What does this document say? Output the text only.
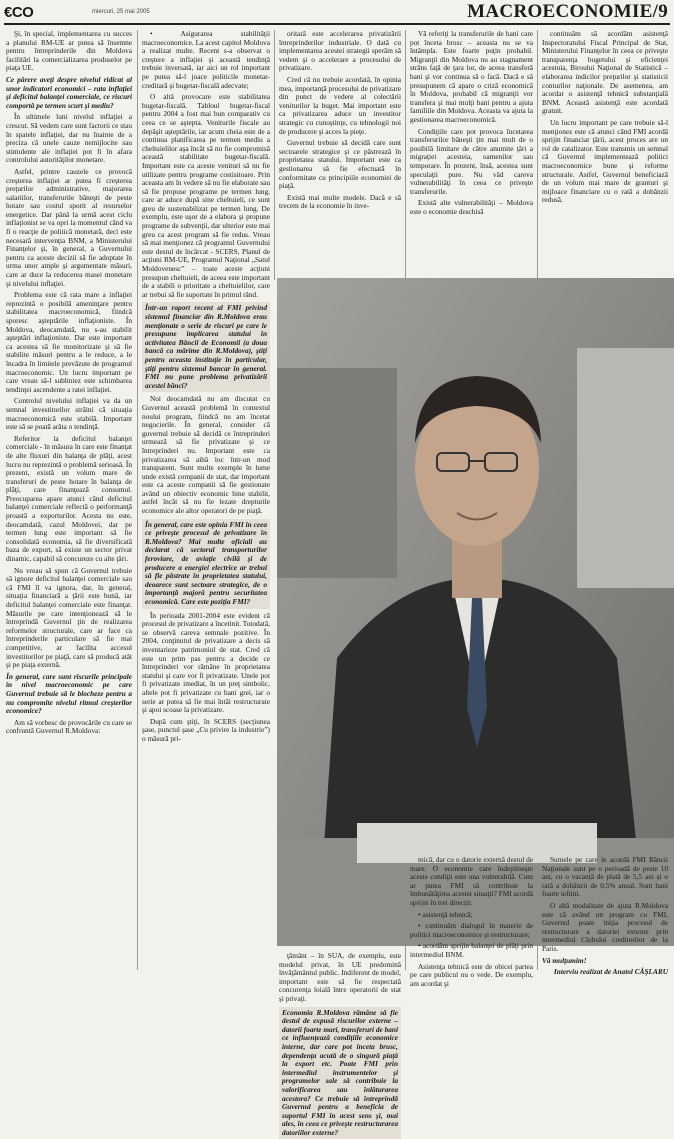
€CO	miercuri, 25 mai 2005	MACROECONOMIE/9

Şi, în special, implementarea cu succes a planului RM-UE ar putea să însemne pentru întreprinderile din Moldova facilitări la comercializarea produselor pe piaţa UE.

Ce părere aveţi despre nivelul ridicat al unor indicatori economici – rata inflaţiei şi deficitul balanţei comerciale, ce riscuri comportă pe termen scurt şi mediu?

În ultimele luni nivelul inflaţiei a crescut. Să vedem care sunt factorii ce stau în spatele inflaţiei, dar nu înainte de a preciza că unele cauze nemijlocite sau stimulente ale inflaţiei pot fi în afara controlului autorităţilor monetare.

Astfel, printre cauzele ce provocă creşterea inflaţiei ar putea fi creşterea preţurilor administrative, majorarea salariilor, transferurile băneşti de peste hotare sau costul sporit al resurselor energetice. Dar până la urmă acest ciclu inflaţionist se va opri la momentul când va fi o reacţie de politică monetară, deci este necesară intervenţia BNM, a Ministerului Finanţelor şi, în general, a Guvernului pentru ca aceste decizii să fie adoptate în urma unor ample şi argumentate măsuri, care ar duce la reducerea masei monetare şi nivelului inflaţiei.

Problema este că rata mare a inflaţiei reprezintă o posibilă ameninţare pentru stabilitatea macroeconomică, fiindcă sporesc aşteptările inflaţioniste. În Moldova, deocamdată, nu s-au stabilit aşteptări inflaţioniste. Dar este important ca acestea să fie monitorizate şi să fie stabilite măsuri pentru a le reduce, a le încadra în limitele prevăzute de programul macroeconomic. Un lucru important pe care vreau să-l subliniez este schimbarea tendinţei ascendente a ratei inflaţiei.

Controlul nivelului inflaţiei va da un semnal investitorilor străini că situaţia macroeconomică este stabilă. Important este să se poată arăta o tendinţă.

Referitor la deficitul balanţei comerciale - în măsura în care este finanţat de alte fluxuri din balanţa de plăţi, acest lucru nu reprezintă o problemă serioasă. În prezent, există un volum mare de transferuri de peste hotare în balanţa de plăţi, care finanţează consumul. Preocuparea apare atunci când deficitul balanţei comerciale reflectă o performanţă proastă a exporturilor. Acesta nu este, deocamdată, cazul Moldovei, dar pe termen lung este important să fie consolidată economia, să fie diversificată baza de export, să existe un sector privat dinamic, capabil să concureze cu alte ţări.

Nu vreau să spun că Guvernul trebuie să ignore deficitul balanţei comerciale sau că FMI îl va ignora, dar, în general, situaţia financiară a ţării este bună, iar deficitul balanţei comerciale este finanţat. Măsurile pe care intenţionează să le întreprindă Guvernul ţin de realizarea reformelor structurale, care ar face ca întreprinderile particulare să fie mai competitive, ar facilita accesul investitorilor pe piaţă, care să producă atât şi pe piaţa externă.

În general, care sunt riscurile principale în nivel macroeconomic pe care Guvernul trebuie să le blocheze pentru a nu compromite nivelul ritmul creşterilor economice?

Am să vorbesc de provocările cu care se confruntă Guvernul R.Moldova:

• Asigurarea stabilităţii macroeconomice. La acest capitol Moldova a realizat multe. Recent s-a observat o creştere a inflaţiei şi această tendinţă trebuie inversată, iar aici un rol important pe putea să-l joace politicile monetar-creditară şi bugetar-fiscală adecvate;

O altă provocare este stabilitatea bugetar-fiscală. Tabloul bugetar-fiscal pentru 2004 a fost mai bun comparativ cu ceea ce se aştepta. Veniturile fiscale au depăşit aşteptările, iar acum cheia este de a continua planificarea pe termen mediu a cheltuielilor aşa încât să nu fie compromisă această stabilitate bugetar-fiscală. Important este ca aceste venituri să nu fie utilizate pentru programe costisitoare. Prin aceasta am în vedere să nu fie elaborate sau să fie propuse programe pe termen lung, care ar aduce după sine cheltuieli, ce sunt greu de sustenabilizat pe termen lung. De exemplu, este uşor de a elabora şi propune programe de subvenţii, dar ulterior este mai greu ca acest program să fie redus. Vreau să mai menţionez că programul Guvernului este destul de încărcat - SCERS, Planul de acţiuni RM-UE, Programul Naţional „Satul Moldovenesc” – toate aceste acţiuni presupun cheltuieli, de aceea este important de a stabili o prioritate a cheltuielilor, care ar trebui să fie suportate în primul rând.

Într-un raport recent al FMI privind sistemul financiar din R.Moldova erau menţionate o serie de riscuri pe care le presupune implicarea statului în activitatea Băncii de Economii (a doua bancă ca mărime din R.Moldova), ştiţi pentru aceasta instituţie în particular, ştiţi pentru sistemul bancar în general. FMI nu pune problema privatizării acestei bănci?

Noi deocamdată nu am discutat cu Guvernul această problemă în contextul noului program, fiindcă nu am încetat negocierile. În general, consider că guvernul trebuie să decidă ce întreprinderi urmează să fie privatizate şi ce întreprinderi nu. Important este ca privatizarea să aibă loc într-un mod transparent. Sunt multe exemple în lume unde există companii de stat, dar important este ca aceste companii să fie gestionate având un obiectiv economic bine stabilit, astfel încât să nu fie lezate drepturile economice ale altor operatori de pe piaţă.

În general, care este opinia FMI în ceea ce priveşte procesul de privatizare în R.Moldova? Mai multe oficiali au declarat că sectorul transporturilor feroviare, de aviaţie civilă şi de producere a energiei electrice ar trebui să fie păstrate în proprietatea statului, deoarece sunt sectoare strategice, de o importanţă majoră pentru securitatea economică. Care este poziţia FMI?

În perioada 2001-2004 este evident că procesul de privatizare a încetinit. Totodată, se observă careva semnale pozitive. În 2004, conţinutul de privatizare a decis să inventarieze patrimoniul de stat. Cred că este un prim pas pentru a decide ce întreprinderi vor rămâne în proprietatea statului şi care vor fi privatizate. Unele pot fi privatizate imediat, în un preţ simbolic, altele pot fi privatizate cu bani grei, iar o serie ar putea să fie mai întâi restructurate şi apoi scoase la privatizare.

După cum ştiţi, în SCERS (secţiunea şase, punctul şase „Cu privire la industrie”) o măsură pri-

oritară este accelerarea privatizării întreprinderilor industriale. O dată cu implementarea acestei strategii sperăm să vedem şi o accelerare a procesului de privatizare.

Cred că nu trebuie acordată, în opinia mea, importanţă procesului de privatizare din punct de vedere al colectării veniturilor la buget. Mai important este ca privatizarea aduce un investitor strategic cu cunoştinţe, cu tehnologii noi de producere şi acces la pieţe.

Guvernul trebuie să decidă care sunt sectoarele strategice şi ce păstrează în proprietatea statului. Important este ca gestionarea să fie efectuată în conformitate cu principiile economiei de piaţă.

Există mai multe modele. Dacă e să trecem de la economie în inve-

Vă referiţi la transferurile de bani care pot înceta brusc – aceasta nu se va întâmpla. Este foarte puţin probabil. Migranţii din Moldova nu au stagnament strâns faţă de ţara lor, de aceea transferă bani şi vor continua să o facă. Dacă e să presupunem că apare o criză economică în Moldova, probabil că migranţii vor transfera şi mai mulţi bani pentru a ajuta familiile din Moldova. Aceasta va ajuta la gestionarea macroeconomică.

Condiţiile care pot provoca încetarea transferurilor băneşti ţin mai mult de o posibilă limitare de către anumite ţări a migraţiei acesteia, oamenilor sau temporare. În prezent, însă, acestea sunt speculaţii pure. Nu văd careva vulnerabilităţi în ceea ce priveşte transferurile.

Există alte vulnerabilităţi – Moldova este o economie deschisă

continuăm să acordăm asistenţă Inspectoratului Fiscal Principal de Stat, Ministerului Finanţelor în ceea ce priveşte transparenţa bugetului şi eficienţei acestuia, Biroului Naţional de Statistică – elaborarea indicilor preţurilor şi statisticii conturilor naţionale. De asemenea, am acordat o asistenţă tehnică substanţială BNM. Această asistenţă este acordată gratuit.

Un lucru important pe care trebuie să-l menţionez este că atunci când FMI acordă sprijin financiar ţării, acest proces are un rol de catalizator. Este transmis un semnal că Guvernul implementează politici macroeconomice bune şi reforme structurale. Astfel, Guvernul beneficiază de un volum mai mare de granturi şi mijloace financiare cu o rată a dobânzii redusă.

ţământ – în SUA, de exemplu, este modelul privat, în UE predomină învăţământul public. Indiferent de model, important este să fie respectată concurenţa loială între operatorii de stat şi privaţi.

Economia R.Moldova rămâne să fie destul de expusă riscurilor externe – datorii foarte mari, transferuri de bani ce influenţează condiţiile economice interne, dar care pot înceta brusc, dependenţa acută de o singură piaţă la export etc. Poate FMI prin intermediul instrumentelor şi programelor sale să contribuie la valorificarea sau înlăturarea acestora? Ce trebuie să întreprindă Guvernul pentru a beneficia de suportul FMI în acest sens şi, mai ales, în ceea ce priveşte restructurarea datoriilor externe?

mică, dar cu o datorie externă destul de mare. O economie care îndeplineşte aceste condiţii este una vulnerabilă. Cum ar putea FMI să contribuie la îmbunătăţirea acestei situaţii? FMI acordă sprijin în trei direcţii:

• asistenţă tehnică;

• continuăm dialogul în materie de politici macroeconomice şi restructurare;

• acordăm sprijin balanţei de plăţi prin intermediul BNM.

Asistenţa tehnică este de obicei partea pe care publicul nu o vede. De exemplu, am acordat şi

Sumele pe care le acordă FMI Băncii Naţionale sunt pe o perioadă de peste 10 ani, cu o vacanţă de plată de 5,5 ani şi o rată a dobânzii de 0,5% anual. Sunt bani foarte ieftini.

O altă modalitate de ajuta R.Moldova este că având un program cu FMI, Guvernul poate iniţia procesul de restructurare a datoriei externe prin intermediul Clubului creditorilor de la Paris.

Vă mulţumim!

Interviu realizat de Anatol CĂŞLARU
